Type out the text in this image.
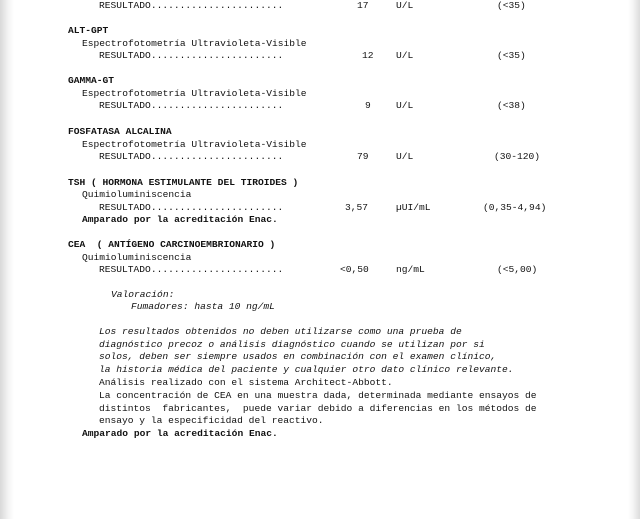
RESULTADO.......................	17	U/L	(<35)
ALT-GPT
Espectrofotometría Ultravioleta-Visible
RESULTADO.......................	12 U/L	(<35)
GAMMA-GT
Espectrofotometría Ultravioleta-Visible
RESULTADO.......................	9	U/L	(<38)
FOSFATASA ALCALINA
Espectrofotometría Ultravioleta-Visible
RESULTADO.......................	79	U/L	(30-120)
TSH ( HORMONA ESTIMULANTE DEL TIROIDES )
Quimioluminiscencia
RESULTADO.......................	3,57	µUI/mL	(0,35-4,94)
Amparado por la acreditación Enac.
CEA  ( ANTÍGENO CARCINOEMBRIONARIO )
Quimioluminiscencia
RESULTADO.......................	<0,50	ng/mL	(<5,00)
Valoración:
Fumadores: hasta 10 ng/mL
Los resultados obtenidos no deben utilizarse como una prueba de
diagnóstico precoz o análisis diagnóstico cuando se utilizan por si
solos, deben ser siempre usados en combinación con el examen clínico,
la historia médica del paciente y cualquier otro dato clínico relevante.
Análisis realizado con el sistema Architect-Abbott.
La concentración de CEA en una muestra dada, determinada mediante ensayos de
distintos  fabricantes,  puede variar debido a diferencias en los métodos de
ensayo y la especificidad del reactivo.
Amparado por la acreditación Enac.
